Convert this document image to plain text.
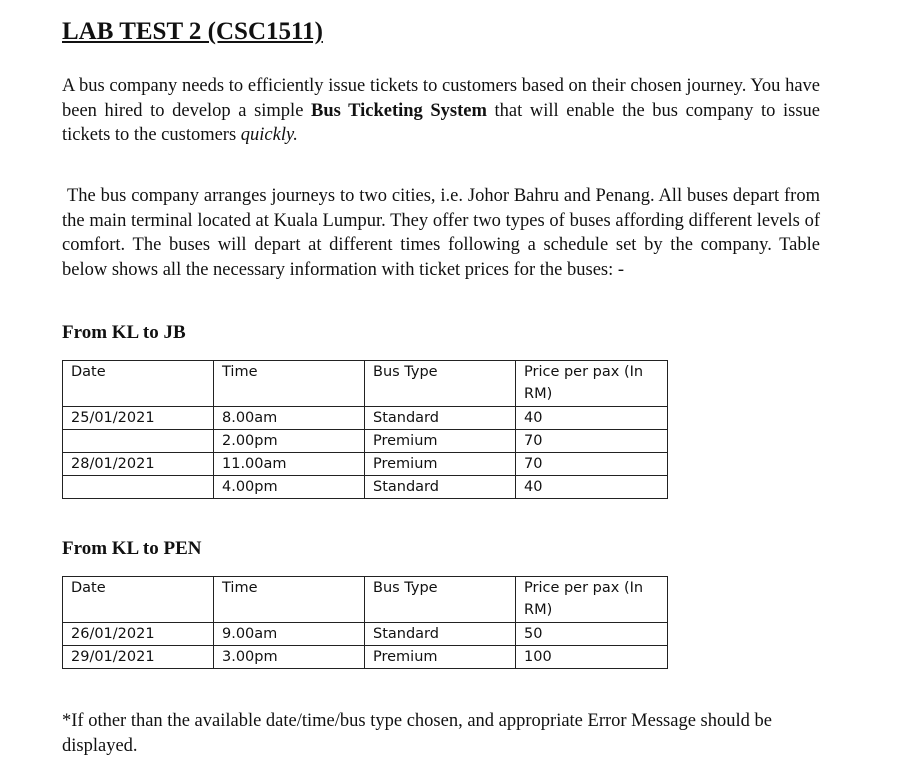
LAB TEST 2 (CSC1511)

A bus company needs to efficiently issue tickets to customers based on their chosen journey. You have been hired to develop a simple Bus Ticketing System that will enable the bus company to issue tickets to the customers quickly.

The bus company arranges journeys to two cities, i.e. Johor Bahru and Penang. All buses depart from the main terminal located at Kuala Lumpur. They offer two types of buses affording different levels of comfort. The buses will depart at different times following a schedule set by the company. Table below shows all the necessary information with ticket prices for the buses: -

From KL to JB
Date	Time	Bus Type	Price per pax (In RM)
25/01/2021	8.00am	Standard	40
	2.00pm	Premium	70
28/01/2021	11.00am	Premium	70
	4.00pm	Standard	40
From KL to PEN
Date	Time	Bus Type	Price per pax (In RM)
26/01/2021	9.00am	Standard	50
29/01/2021	3.00pm	Premium	100

*If other than the available date/time/bus type chosen, and appropriate Error Message should be displayed.
